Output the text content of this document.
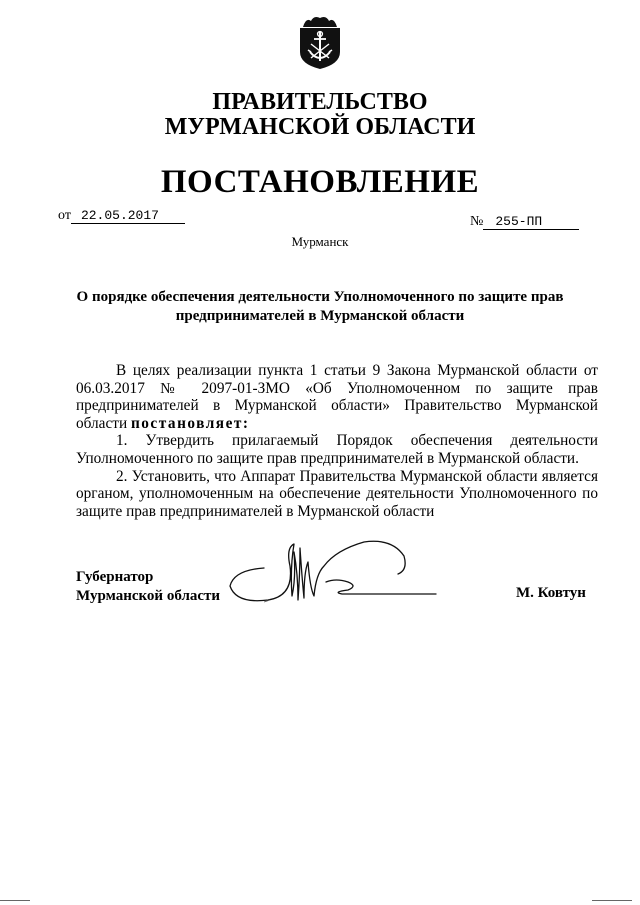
ПРАВИТЕЛЬСТВО
МУРМАНСКОЙ ОБЛАСТИ
ПОСТАНОВЛЕНИЕ
от 22.05.2017	№ 255-ПП
Мурманск
О порядке обеспечения деятельности Уполномоченного по защите прав
предпринимателей в Мурманской области

В целях реализации пункта 1 статьи 9 Закона Мурманской области от 06.03.2017 № 2097-01-ЗМО «Об Уполномоченном по защите прав предпринимателей в Мурманской области» Правительство Мурманской области постановляет:

1. Утвердить прилагаемый Порядок обеспечения деятельности Уполномоченного по защите прав предпринимателей в Мурманской области.

2. Установить, что Аппарат Правительства Мурманской области является органом, уполномоченным на обеспечение деятельности Уполномоченного по защите прав предпринимателей в Мурманской области

Губернатор
Мурманской области	М. Ковтун
